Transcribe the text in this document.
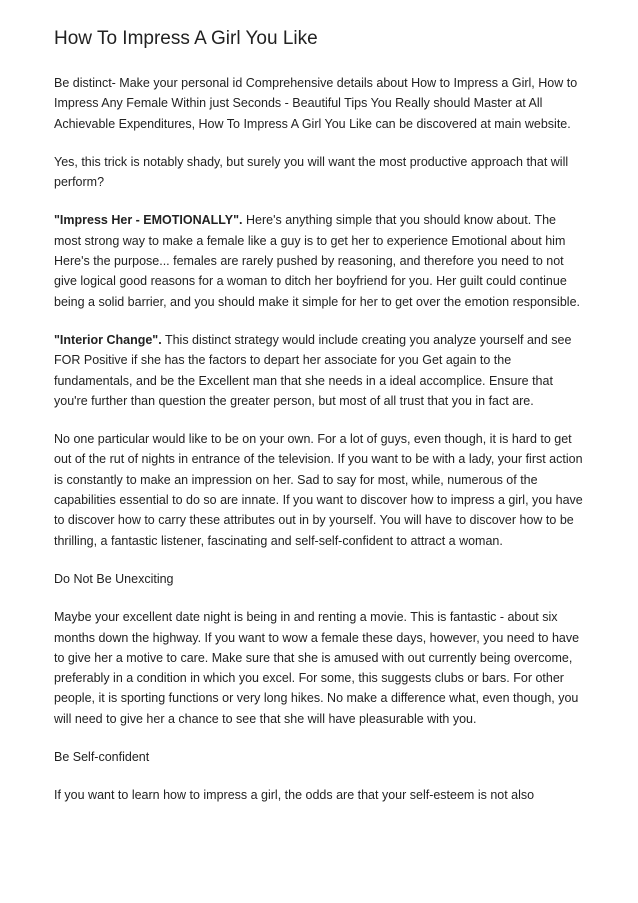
How To Impress A Girl You Like

Be distinct- Make your personal id Comprehensive details about How to Impress a Girl, How to Impress Any Female Within just Seconds - Beautiful Tips You Really should Master at All Achievable Expenditures, How To Impress A Girl You Like can be discovered at main website.

Yes, this trick is notably shady, but surely you will want the most productive approach that will perform?

"Impress Her - EMOTIONALLY". Here's anything simple that you should know about. The most strong way to make a female like a guy is to get her to experience Emotional about him Here's the purpose... females are rarely pushed by reasoning, and therefore you need to not give logical good reasons for a woman to ditch her boyfriend for you. Her guilt could continue being a solid barrier, and you should make it simple for her to get over the emotion responsible.

"Interior Change". This distinct strategy would include creating you analyze yourself and see FOR Positive if she has the factors to depart her associate for you Get again to the fundamentals, and be the Excellent man that she needs in a ideal accomplice. Ensure that you're further than question the greater person, but most of all trust that you in fact are.

No one particular would like to be on your own. For a lot of guys, even though, it is hard to get out of the rut of nights in entrance of the television. If you want to be with a lady, your first action is constantly to make an impression on her. Sad to say for most, while, numerous of the capabilities essential to do so are innate. If you want to discover how to impress a girl, you have to discover how to carry these attributes out in by yourself. You will have to discover how to be thrilling, a fantastic listener, fascinating and self-self-confident to attract a woman.

Do Not Be Unexciting

Maybe your excellent date night is being in and renting a movie. This is fantastic - about six months down the highway. If you want to wow a female these days, however, you need to have to give her a motive to care. Make sure that she is amused with out currently being overcome, preferably in a condition in which you excel. For some, this suggests clubs or bars. For other people, it is sporting functions or very long hikes. No make a difference what, even though, you will need to give her a chance to see that she will have pleasurable with you.

Be Self-confident

If you want to learn how to impress a girl, the odds are that your self-esteem is not also
